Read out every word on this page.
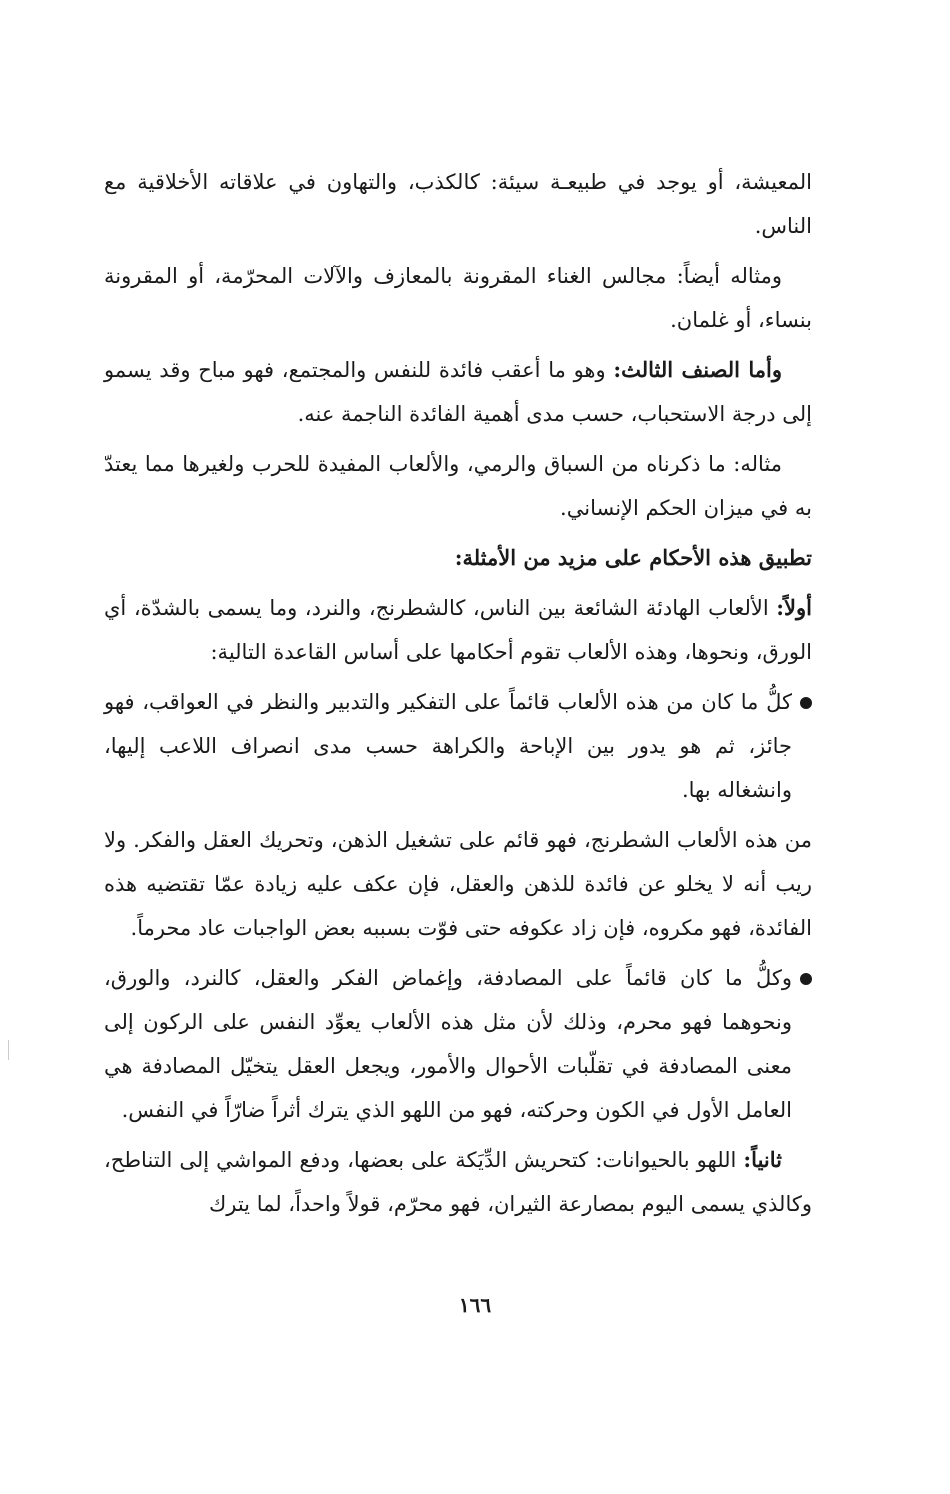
المعيشة، أو يوجد في طبيعـة سيئة: كالكذب، والتهاون في علاقاته الأخلاقية مع الناس.

ومثاله أيضاً: مجالس الغناء المقرونة بالمعازف والآلات المحرّمة، أو المقرونة بنساء، أو غلمان.

وأما الصنف الثالث: وهو ما أعقب فائدة للنفس والمجتمع، فهو مباح وقد يسمو إلى درجة الاستحباب، حسب مدى أهمية الفائدة الناجمة عنه.

مثاله: ما ذكرناه من السباق والرمي، والألعاب المفيدة للحرب ولغيرها مما يعتدّ به في ميزان الحكم الإنساني.

تطبيق هذه الأحكام على مزيد من الأمثلة:

أولاً: الألعاب الهادئة الشائعة بين الناس، كالشطرنج، والنرد، وما يسمى بالشدّة، أي الورق، ونحوها، وهذه الألعاب تقوم أحكامها على أساس القاعدة التالية:

كلُّ ما كان من هذه الألعاب قائماً على التفكير والتدبير والنظر في العواقب، فهو جائز، ثم هو يدور بين الإباحة والكراهة حسب مدى انصراف اللاعب إليها، وانشغاله بها.

من هذه الألعاب الشطرنج، فهو قائم على تشغيل الذهن، وتحريك العقل والفكر. ولا ريب أنه لا يخلو عن فائدة للذهن والعقل، فإن عكف عليه زيادة عمّا تقتضيه هذه الفائدة، فهو مكروه، فإن زاد عكوفه حتى فوّت بسببه بعض الواجبات عاد محرماً.

وكلُّ ما كان قائماً على المصادفة، وإغماض الفكر والعقل، كالنرد، والورق، ونحوهما فهو محرم، وذلك لأن مثل هذه الألعاب يعوِّد النفس على الركون إلى معنى المصادفة في تقلّبات الأحوال والأمور، ويجعل العقل يتخيّل المصادفة هي العامل الأول في الكون وحركته، فهو من اللهو الذي يترك أثراً ضارّاً في النفس.

ثانياً: اللهو بالحيوانات: كتحريش الدِّيَكة على بعضها، ودفع المواشي إلى التناطح، وكالذي يسمى اليوم بمصارعة الثيران، فهو محرّم، قولاً واحداً، لما يترك

١٦٦
